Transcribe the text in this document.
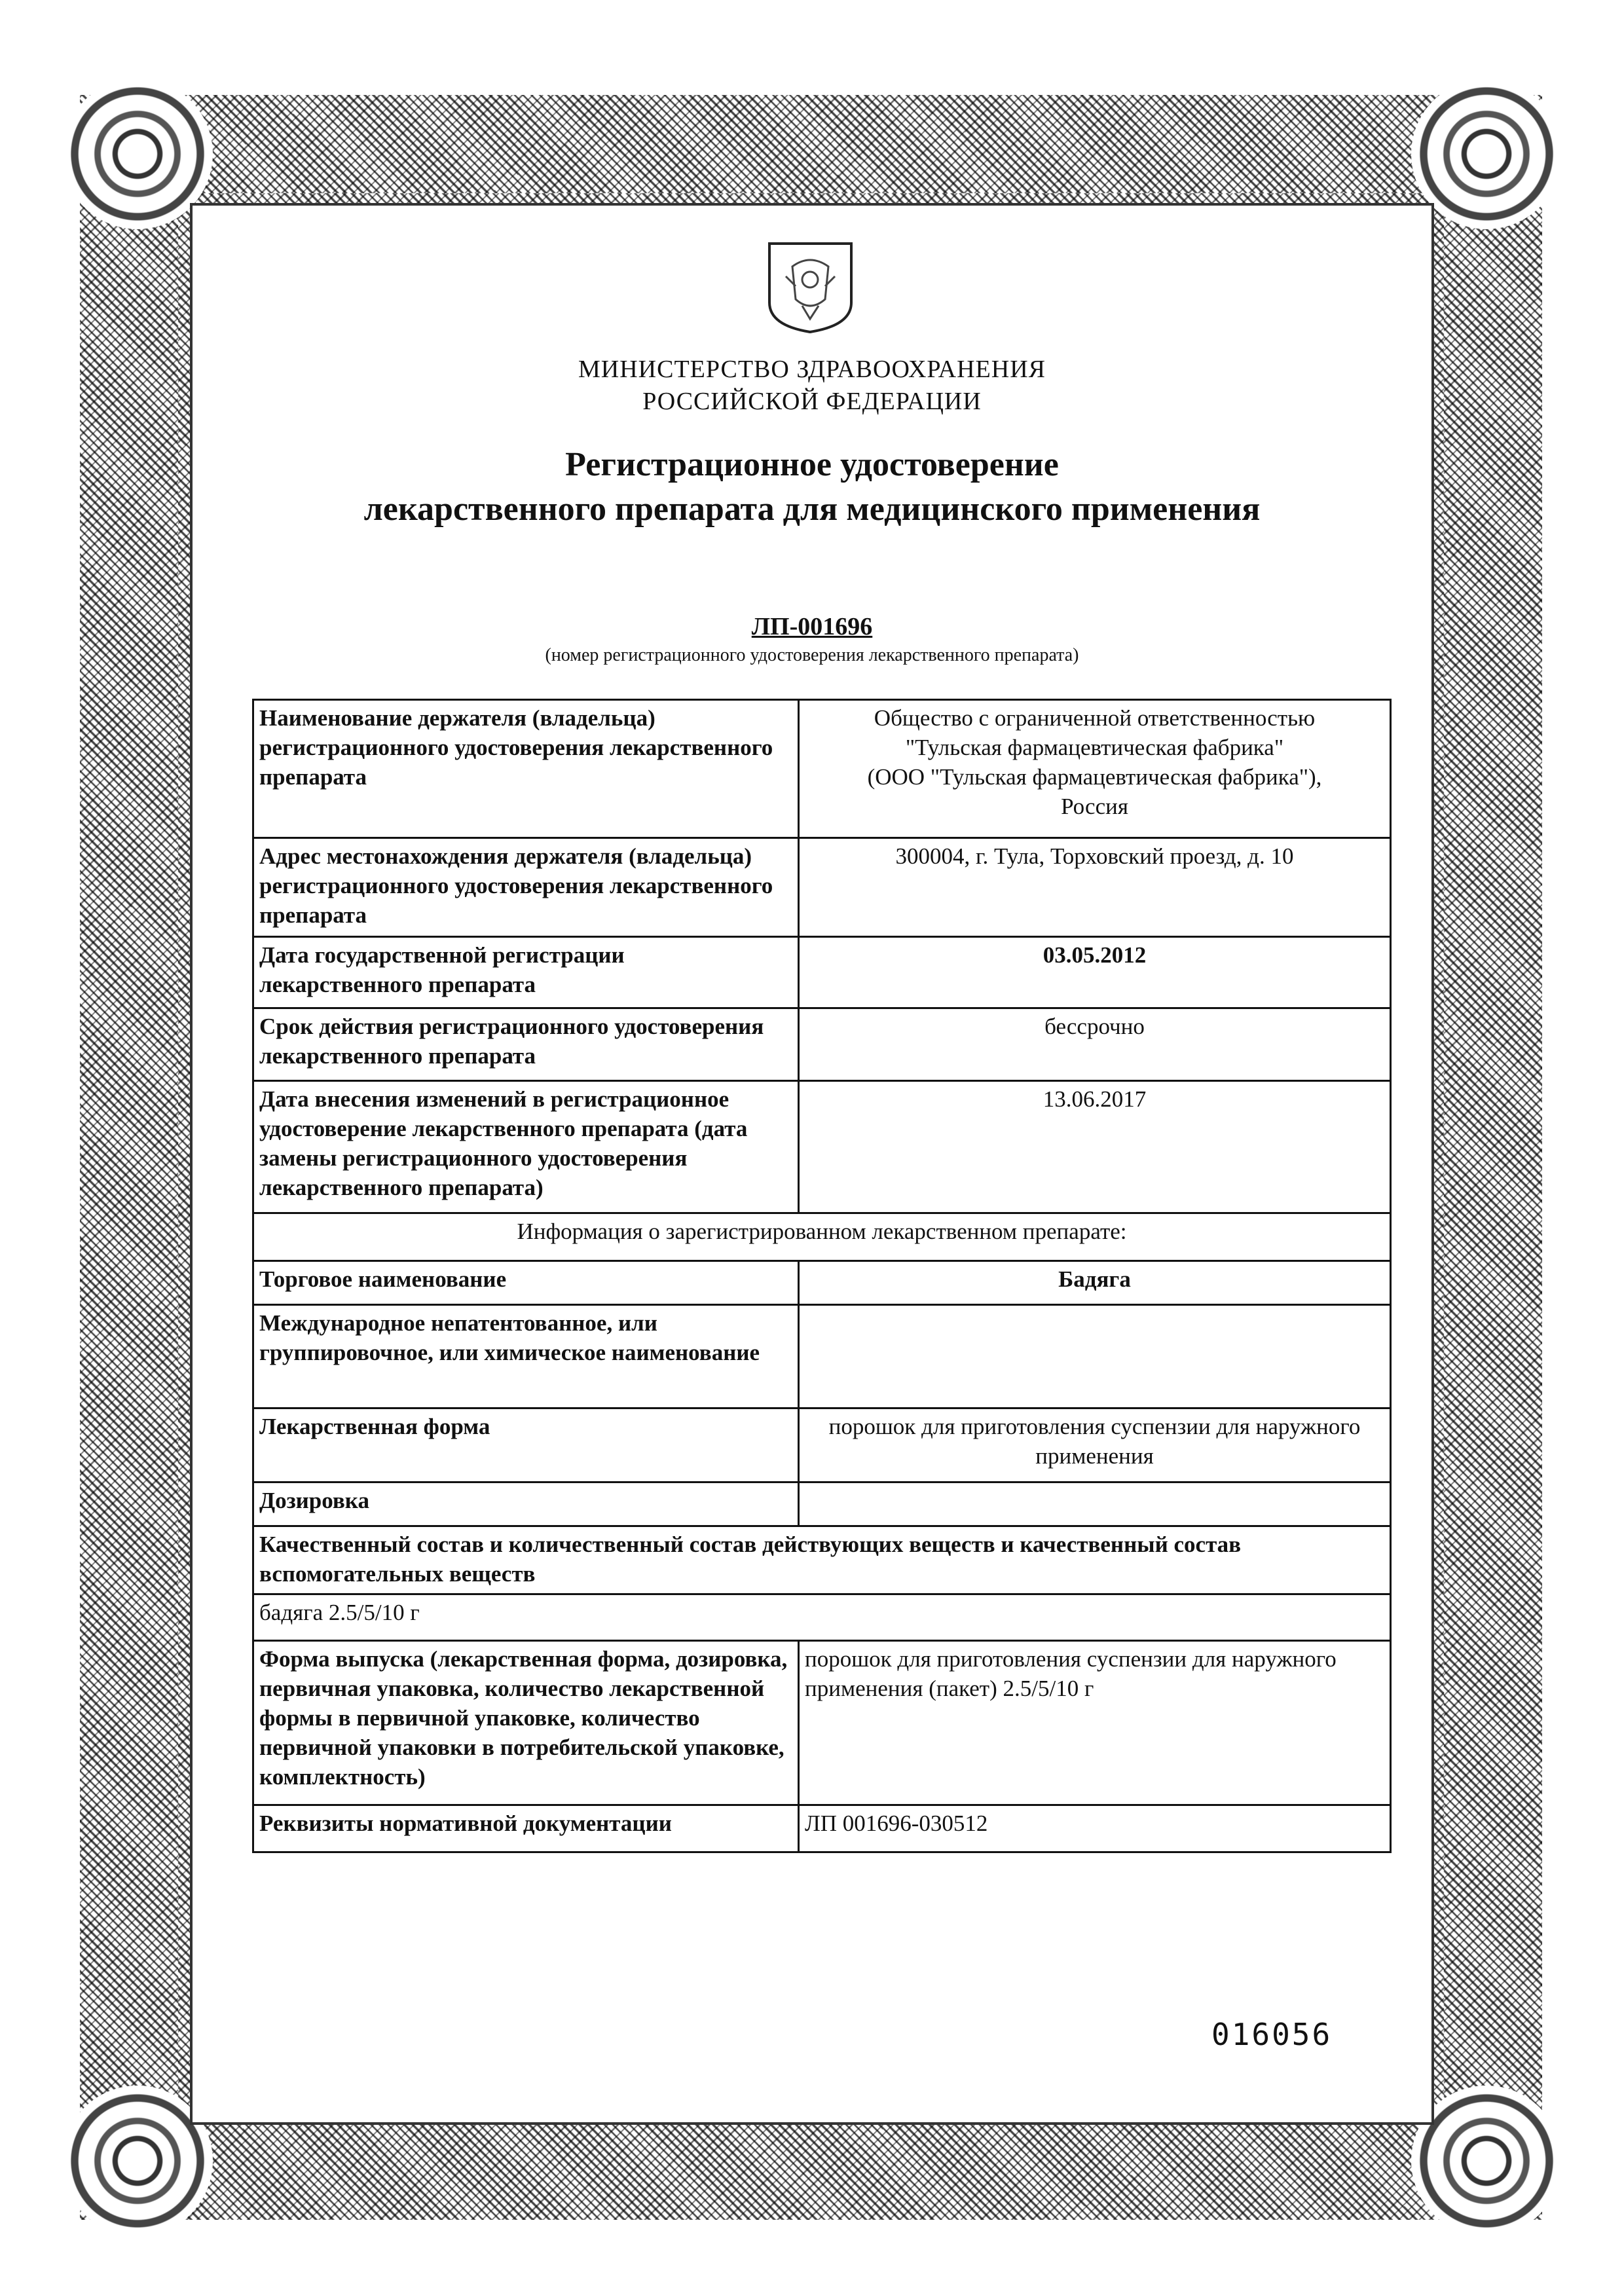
МИНИСТЕРСТВО ЗДРАВООХРАНЕНИЯ
РОССИЙСКОЙ ФЕДЕРАЦИИ
Регистрационное удостоверение
лекарственного препарата для медицинского применения
ЛП-001696
(номер регистрационного удостоверения лекарственного препарата)
Наименование держателя (владельца) регистрационного удостоверения лекарственного препарата	Общество с ограниченной ответственностью
"Тульская фармацевтическая фабрика"
(ООО "Тульская фармацевтическая фабрика"),
Россия

Адрес местонахождения держателя (владельца) регистрационного удостоверения лекарственного препарата	300004, г. Тула, Торховский проезд, д. 10
Дата государственной регистрации лекарственного препарата	03.05.2012
Срок действия регистрационного удостоверения лекарственного препарата	бессрочно
Дата внесения изменений в регистрационное удостоверение лекарственного препарата (дата замены регистрационного удостоверения лекарственного препарата)	13.06.2017
Информация о зарегистрированном лекарственном препарате:	
Торговое наименование	Бадяга
Международное непатентованное, или группировочное, или химическое наименование	
Лекарственная форма	порошок для приготовления суспензии для наружного применения
Дозировка	
Качественный состав и количественный состав действующих веществ и качественный состав вспомогательных веществ	
бадяга 2.5/5/10 г	
Форма выпуска (лекарственная форма, дозировка, первичная упаковка, количество лекарственной формы в первичной упаковке, количество первичной упаковки в потребительской упаковке, комплектность)	порошок для приготовления суспензии для наружного применения (пакет) 2.5/5/10 г
Реквизиты нормативной документации	ЛП 001696-030512
016056
